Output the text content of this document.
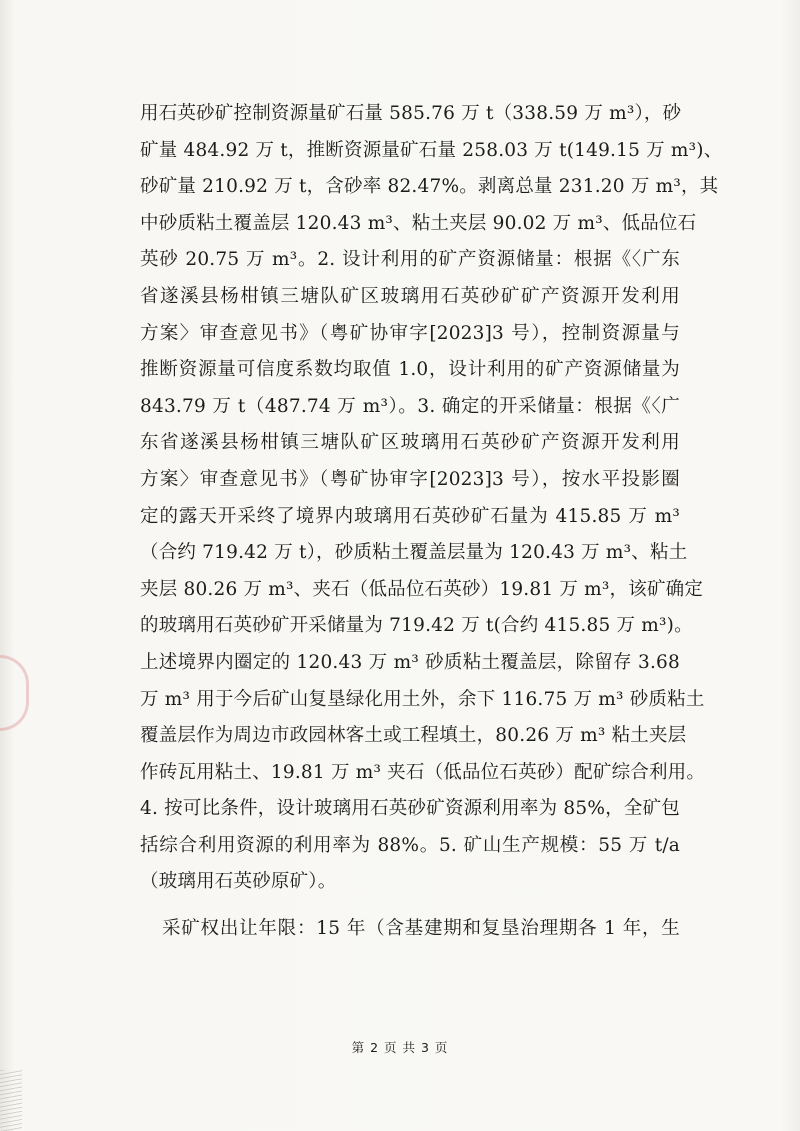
用石英砂矿控制资源量矿石量 585.76 万 t（338.59 万 m³），砂
矿量 484.92 万 t，推断资源量矿石量 258.03 万 t(149.15 万 m³)、
砂矿量 210.92 万 t，含砂率 82.47%。剥离总量 231.20 万 m³，其
中砂质粘土覆盖层 120.43 m³、粘土夹层 90.02 万 m³、低品位石
英砂 20.75 万 m³。2. 设计利用的矿产资源储量：根据《〈广东
省遂溪县杨柑镇三塘队矿区玻璃用石英砂矿矿产资源开发利用
方案〉审查意见书》（粤矿协审字[2023]3 号），控制资源量与
推断资源量可信度系数均取值 1.0，设计利用的矿产资源储量为
843.79 万 t（487.74 万 m³）。3. 确定的开采储量：根据《〈广
东省遂溪县杨柑镇三塘队矿区玻璃用石英砂矿产资源开发利用
方案〉审查意见书》（粤矿协审字[2023]3 号），按水平投影圈
定的露天开采终了境界内玻璃用石英砂矿石量为 415.85 万 m³
（合约 719.42 万 t），砂质粘土覆盖层量为 120.43 万 m³、粘土
夹层 80.26 万 m³、夹石（低品位石英砂）19.81 万 m³，该矿确定
的玻璃用石英砂矿开采储量为 719.42 万 t(合约 415.85 万 m³)。
上述境界内圈定的 120.43 万 m³ 砂质粘土覆盖层，除留存 3.68
万 m³ 用于今后矿山复垦绿化用土外，余下 116.75 万 m³ 砂质粘土
覆盖层作为周边市政园林客土或工程填土，80.26 万 m³ 粘土夹层
作砖瓦用粘土、19.81 万 m³ 夹石（低品位石英砂）配矿综合利用。
4. 按可比条件，设计玻璃用石英砂矿资源利用率为 85%，全矿包
括综合利用资源的利用率为 88%。5. 矿山生产规模：55 万 t/a
（玻璃用石英砂原矿）。
采矿权出让年限：15 年（含基建期和复垦治理期各 1 年，生
第 2 页 共 3 页
